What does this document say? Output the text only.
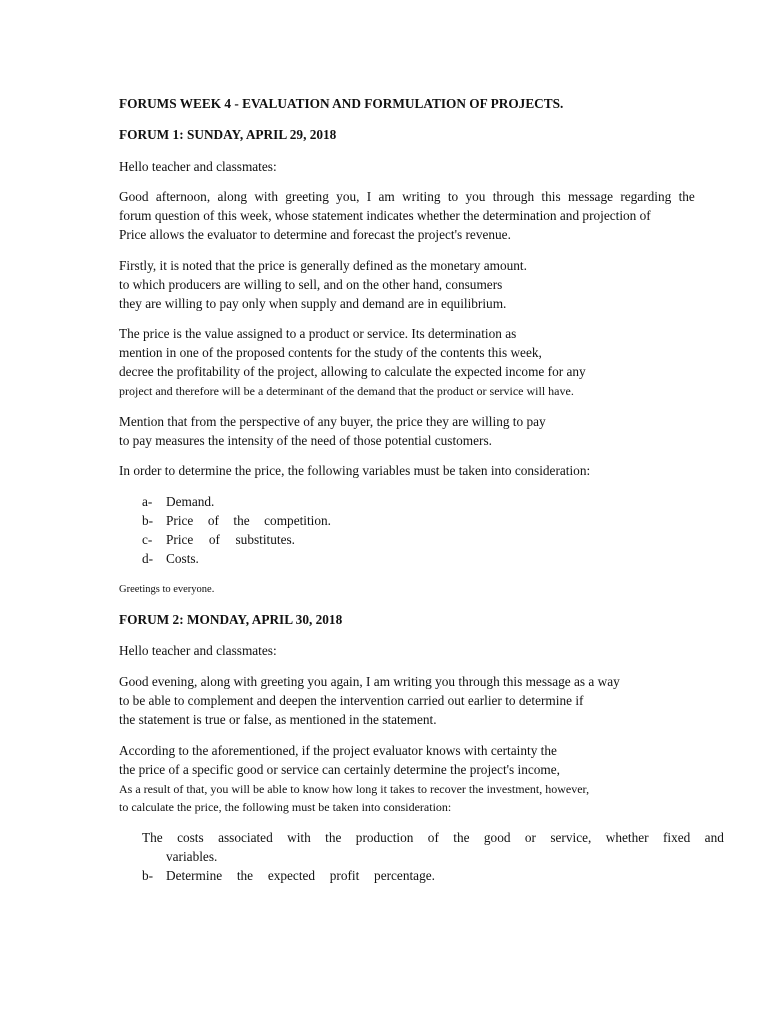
FORUMS WEEK 4 - EVALUATION AND FORMULATION OF PROJECTS.
FORUM 1: SUNDAY, APRIL 29, 2018
Hello teacher and classmates:
Good afternoon, along with greeting you, I am writing to you through this message regarding the
forum question of this week, whose statement indicates whether the determination and projection of
Price allows the evaluator to determine and forecast the project's revenue.
Firstly, it is noted that the price is generally defined as the monetary amount.
to which producers are willing to sell, and on the other hand, consumers
they are willing to pay only when supply and demand are in equilibrium.
The price is the value assigned to a product or service. Its determination as
mention in one of the proposed contents for the study of the contents this week,
decree the profitability of the project, allowing to calculate the expected income for any
project and therefore will be a determinant of the demand that the product or service will have.
Mention that from the perspective of any buyer, the price they are willing to pay
to pay measures the intensity of the need of those potential customers.
In order to determine the price, the following variables must be taken into consideration:
a- Demand.
b- Price of the competition.
c- Price of substitutes.
d- Costs.
Greetings to everyone.
FORUM 2: MONDAY, APRIL 30, 2018
Hello teacher and classmates:
Good evening, along with greeting you again, I am writing you through this message as a way
to be able to complement and deepen the intervention carried out earlier to determine if
the statement is true or false, as mentioned in the statement.
According to the aforementioned, if the project evaluator knows with certainty the
the price of a specific good or service can certainly determine the project's income,
As a result of that, you will be able to know how long it takes to recover the investment, however,
to calculate the price, the following must be taken into consideration:
The costs associated with the production of the good or service, whether fixed and
variables.
b- Determine the expected profit percentage.
